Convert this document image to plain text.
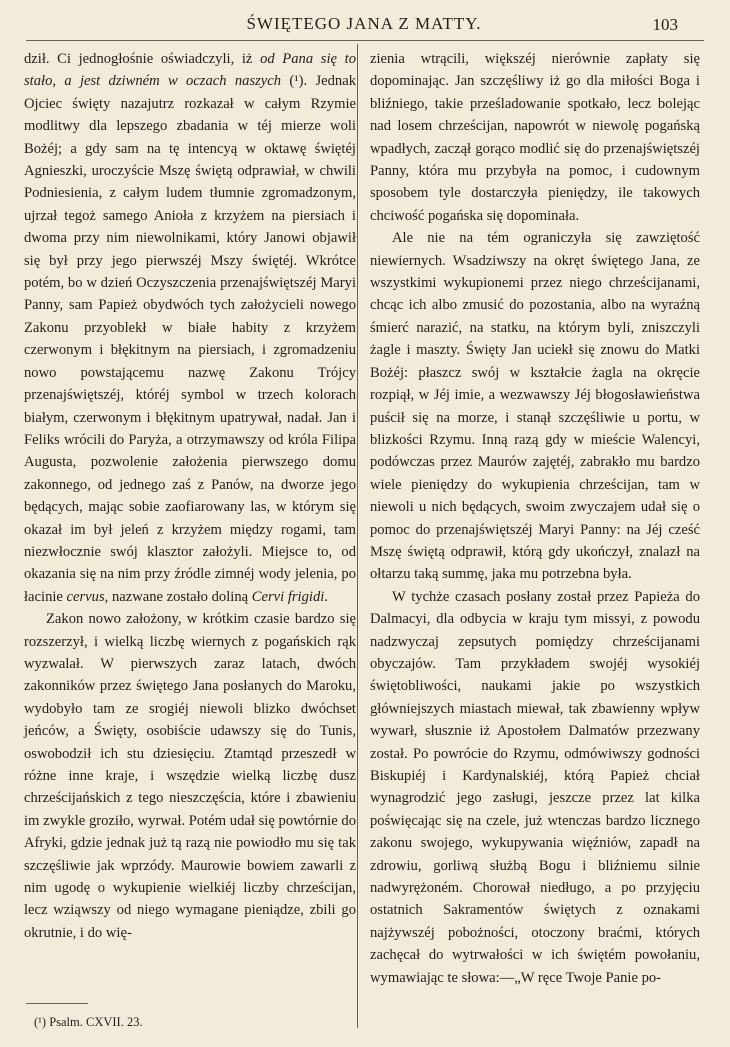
ŚWIĘTEGO JANA Z MATTY.	103

dził. Ci jednogłośnie oświadczyli, iż od Pana się to stało, a jest dziwném w oczach naszych (¹). Jednak Ojciec święty nazajutrz rozkazał w całym Rzymie modlitwy dla lepszego zbadania w téj mierze woli Bożéj; a gdy sam na tę intencyą w oktawę świętéj Agnieszki, uroczyście Mszę świętą odprawiał, w chwili Podniesienia, z całym ludem tłumnie zgromadzonym, ujrzał tegoż samego Anioła z krzyżem na piersiach i dwoma przy nim niewolnikami, który Janowi objawił się był przy jego pierwszéj Mszy świętéj. Wkrótce potém, bo w dzień Oczyszczenia przenajświętszéj Maryi Panny, sam Papież obydwóch tych założycieli nowego Zakonu przyoblekł w białe habity z krzyżem czerwonym i błękitnym na piersiach, i zgromadzeniu nowo powstającemu nazwę Zakonu Trójcy przenajświętszéj, któréj symbol w trzech kolorach białym, czerwonym i błękitnym upatrywał, nadał. Jan i Feliks wrócili do Paryża, a otrzymawszy od króla Filipa Augusta, pozwolenie założenia pierwszego domu zakonnego, od jednego zaś z Panów, na dworze jego będących, mając sobie zaofiarowany las, w którym się okazał im był jeleń z krzyżem między rogami, tam niezwłocznie swój klasztor założyli. Miejsce to, od okazania się na nim przy źródle zimnéj wody jelenia, po łacinie cervus, nazwane zostało doliną Cervi frigidi.

Zakon nowo założony, w krótkim czasie bardzo się rozszerzył, i wielką liczbę wiernych z pogańskich rąk wyzwalał. W pierwszych zaraz latach, dwóch zakonników przez świętego Jana posłanych do Maroku, wydobyło tam ze srogiéj niewoli blizko dwóchset jeńców, a Święty, osobiście udawszy się do Tunis, oswobodził ich stu dziesięciu. Ztamtąd przeszedł w różne inne kraje, i wszędzie wielką liczbę dusz chrześcijańskich z tego nieszczęścia, które i zbawieniu im zwykle groziło, wyrwał. Potém udał się powtórnie do Afryki, gdzie jednak już tą razą nie powiodło mu się tak szczęśliwie jak wprzódy. Maurowie bowiem zawarli z nim ugodę o wykupienie wielkiéj liczby chrześcijan, lecz wziąwszy od niego wymagane pieniądze, zbili go okrutnie, i do wię-

zienia wtrącili, większéj nierównie zapłaty się dopominając. Jan szczęśliwy iż go dla miłości Boga i bliźniego, takie prześladowanie spotkało, lecz bolejąc nad losem chrześcijan, napowrót w niewolę pogańską wpadłych, zaczął gorąco modlić się do przenajświętszéj Panny, która mu przybyła na pomoc, i cudownym sposobem tyle dostarczyła pieniędzy, ile takowych chciwość pogańska się dopominała.

Ale nie na tém ograniczyła się zawziętość niewiernych. Wsadziwszy na okręt świętego Jana, ze wszystkimi wykupionemi przez niego chrześcijanami, chcąc ich albo zmusić do pozostania, albo na wyraźną śmierć narazić, na statku, na którym byli, zniszczyli żagle i maszty. Święty Jan uciekł się znowu do Matki Bożéj: płaszcz swój w kształcie żagla na okręcie rozpiął, w Jéj imie, a wezwawszy Jéj błogosławieństwa puścił się na morze, i stanął szczęśliwie u portu, w blizkości Rzymu. Inną razą gdy w mieście Walencyi, podówczas przez Maurów zajętéj, zabrakło mu bardzo wiele pieniędzy do wykupienia chrześcijan, tam w niewoli u nich będących, swoim zwyczajem udał się o pomoc do przenajświętszéj Maryi Panny: na Jéj cześć Mszę świętą odprawił, którą gdy ukończył, znalazł na ołtarzu taką summę, jaka mu potrzebna była.

W tychże czasach posłany został przez Papieża do Dalmacyi, dla odbycia w kraju tym missyi, z powodu nadzwyczaj zepsutych pomiędzy chrześcijanami obyczajów. Tam przykładem swojéj wysokiéj świętobliwości, naukami jakie po wszystkich główniejszych miastach miewał, tak zbawienny wpływ wywarł, słusznie iż Apostołem Dalmatów przezwany został. Po powrócie do Rzymu, odmówiwszy godności Biskupiéj i Kardynalskiéj, którą Papież chciał wynagrodzić jego zasługi, jeszcze przez lat kilka poświęcając się na czele, już wtenczas bardzo licznego zakonu swojego, wykupywania więźniów, zapadł na zdrowiu, gorliwą służbą Bogu i bliźniemu silnie nadwyrężoném. Chorował niedługo, a po przyjęciu ostatnich Sakramentów świętych z oznakami najżywszéj pobożności, otoczony braćmi, których zachęcał do wytrwałości w ich świętém powołaniu, wymawiając te słowa:—„W ręce Twoje Panie po-

(¹) Psalm. CXVII. 23.
